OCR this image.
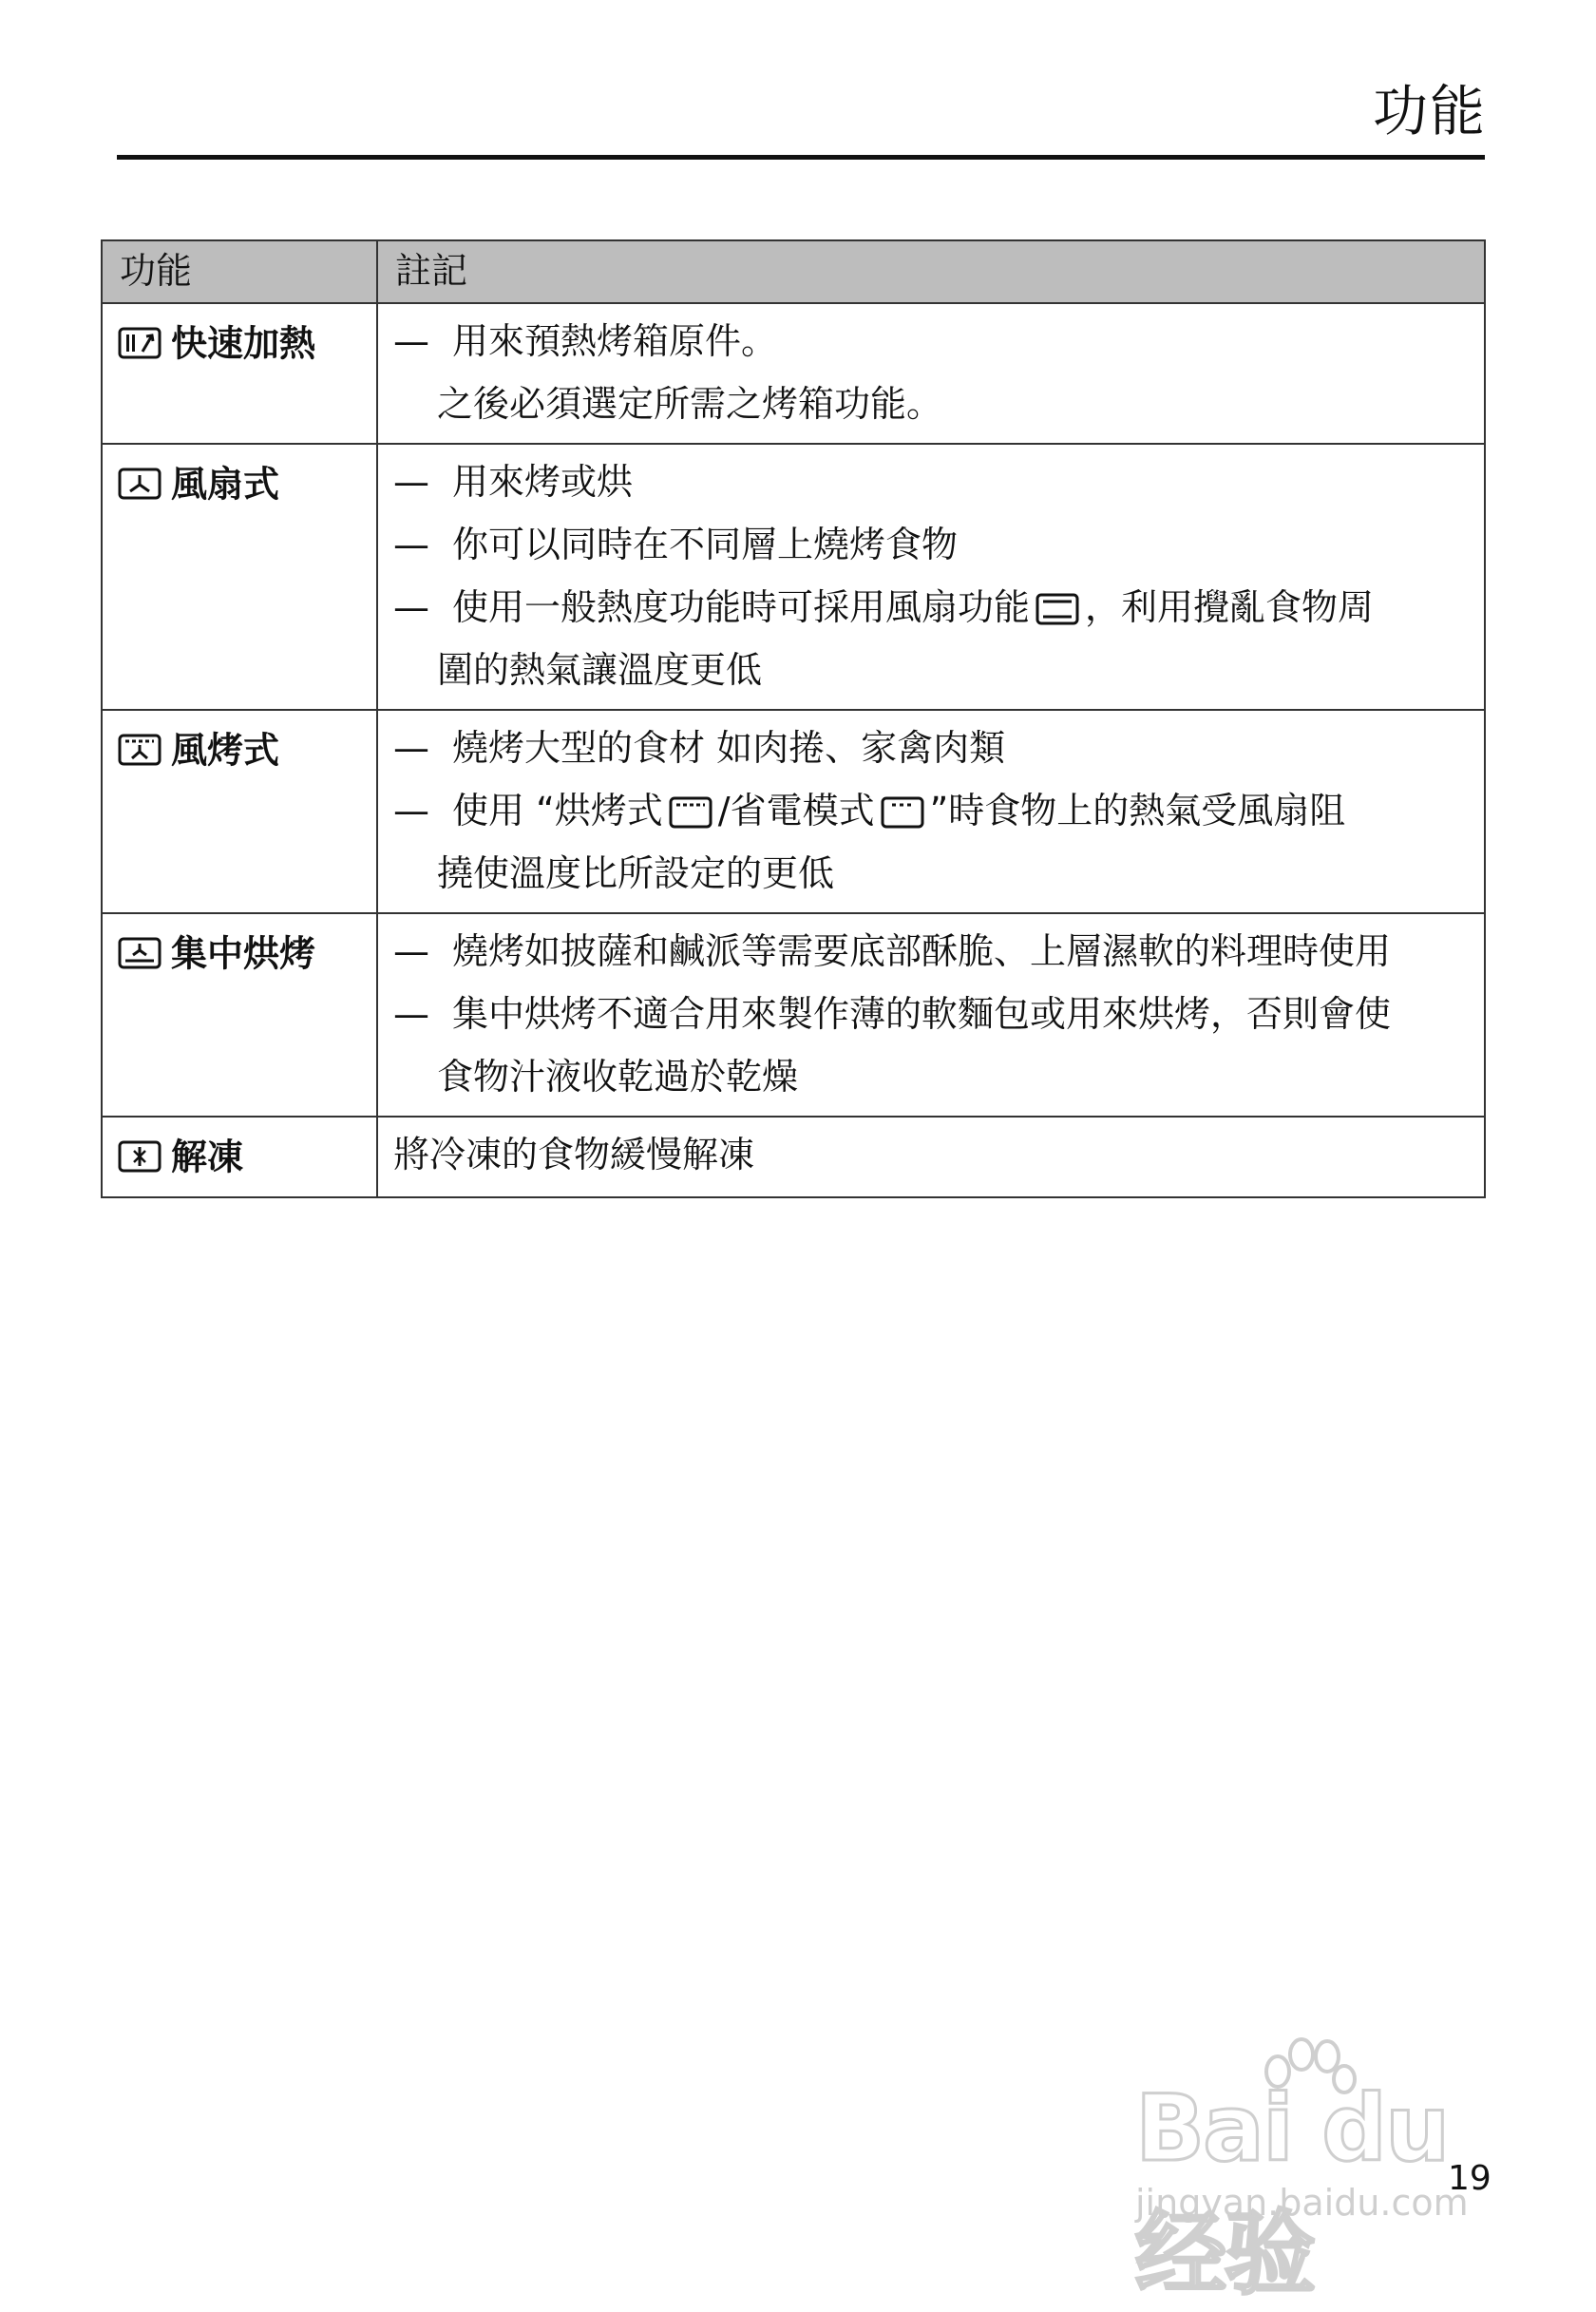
功能
功能	註記
快速加熱	— 用來預熱烤箱原件。
之後必須選定所需之烤箱功能。

風扇式	— 用來烤或烘
— 你可以同時在不同層上燒烤食物
— 使用一般熱度功能時可採用風扇功能 ，利用攪亂食物周
圍的熱氣讓溫度更低

風烤式	— 燒烤大型的食材 如肉捲、家禽肉類
— 使用 “烘烤式 /省電模式 ”時食物上的熱氣受風扇阻
撓使溫度比所設定的更低

集中烘烤	— 燒烤如披薩和鹹派等需要底部酥脆、上層濕軟的料理時使用
— 集中烘烤不適合用來製作薄的軟麵包或用來烘烤，否則會使
食物汁液收乾過於乾燥

解凍	將冷凍的食物緩慢解凍
Bai du 经验
jingyan.baidu.com
19
